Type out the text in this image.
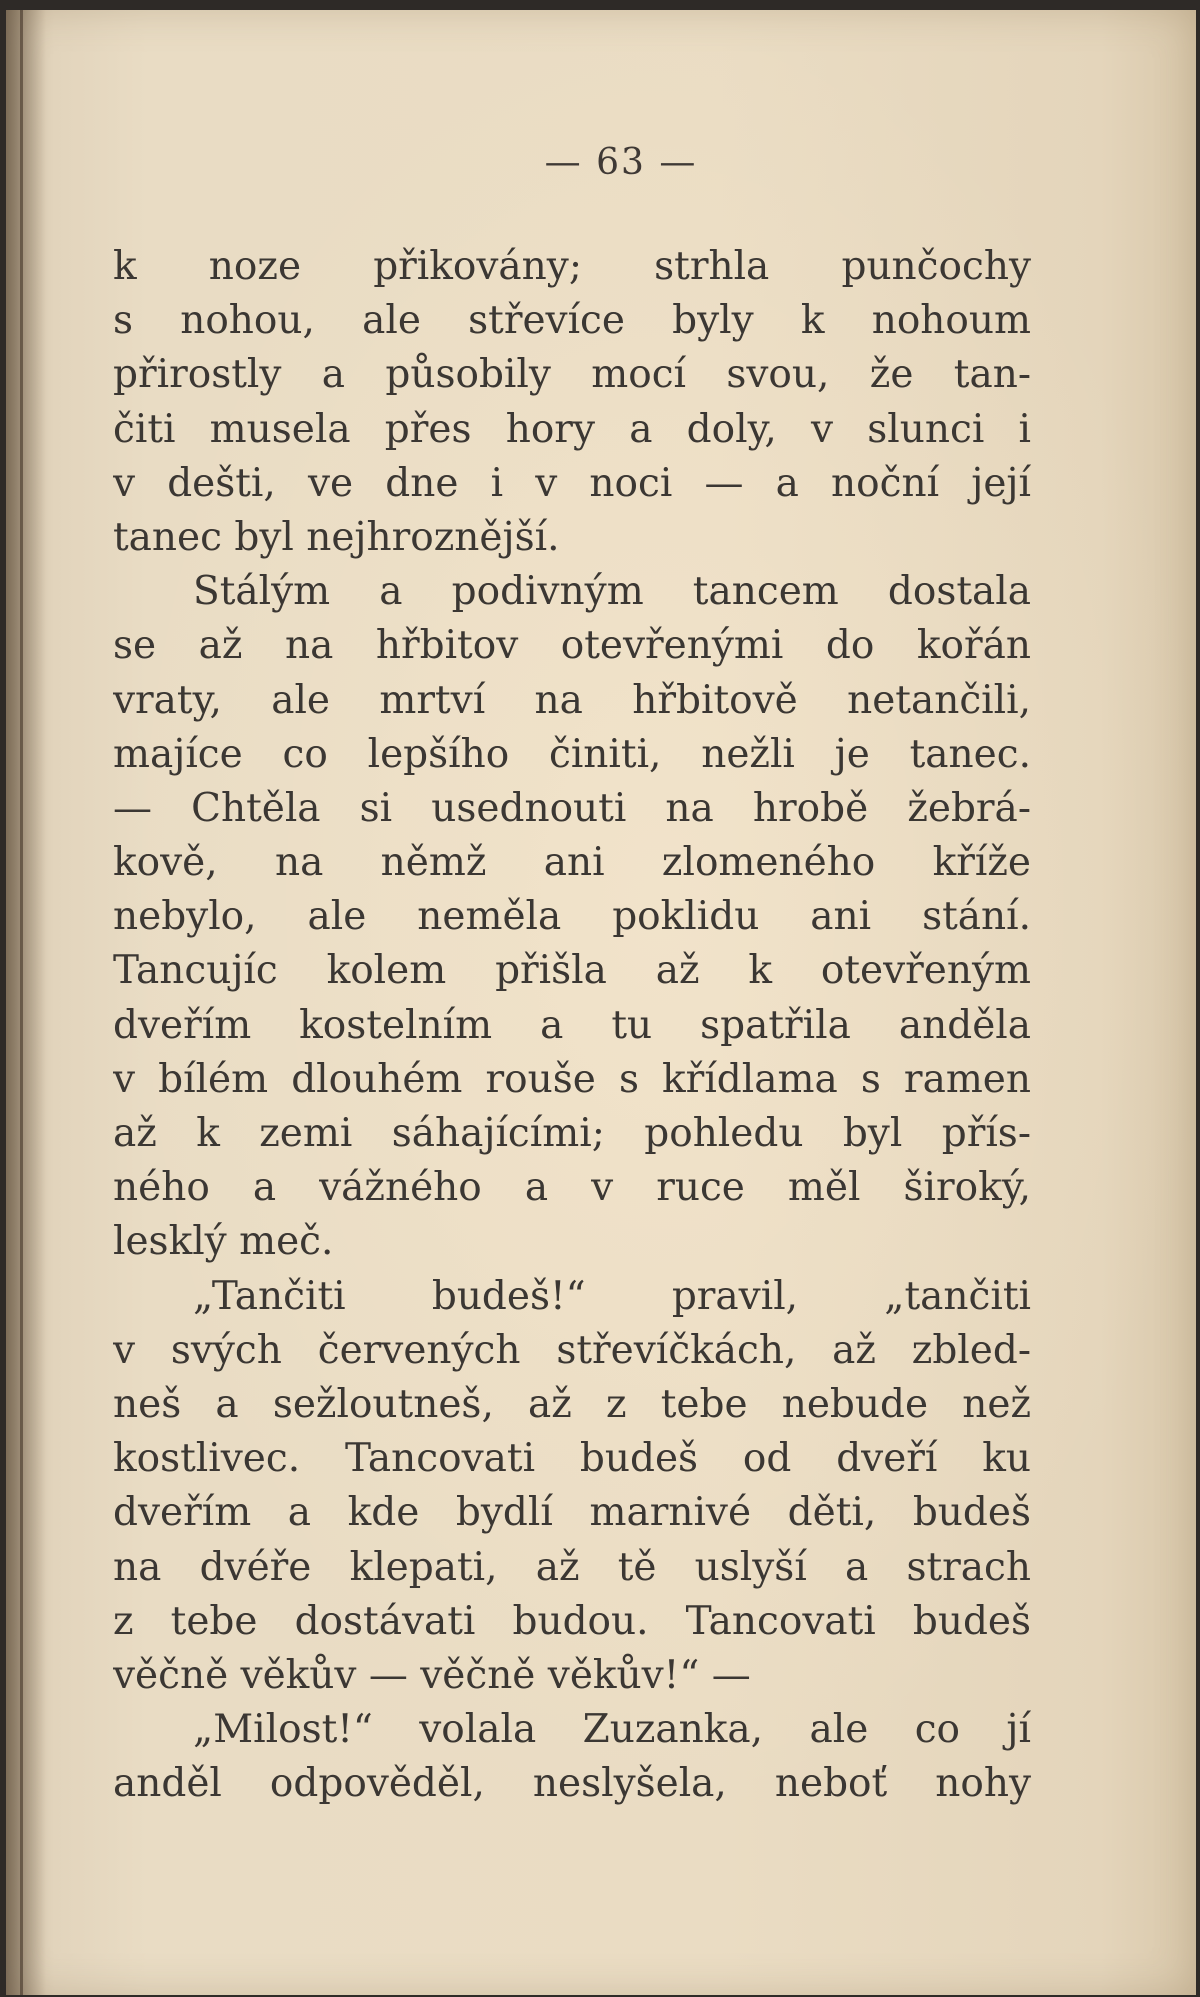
— 63 —
k noze přikovány; strhla punčochy
s nohou, ale střevíce byly k nohoum
přirostly a působily mocí svou, že tan-
čiti musela přes hory a doly, v slunci i
v dešti, ve dne i v noci — a noční její
tanec byl nejhroznější.
Stálým a podivným tancem dostala
se až na hřbitov otevřenými do kořán
vraty, ale mrtví na hřbitově netančili,
majíce co lepšího činiti, nežli je tanec.
— Chtěla si usednouti na hrobě žebrá-
kově, na němž ani zlomeného kříže
nebylo, ale neměla poklidu ani stání.
Tancujíc kolem přišla až k otevřeným
dveřím kostelním a tu spatřila anděla
v bílém dlouhém rouše s křídlama s ramen
až k zemi sáhajícími; pohledu byl přís-
ného a vážného a v ruce měl široký,
lesklý meč.
„Tančiti budeš!“ pravil, „tančiti
v svých červených střevíčkách, až zbled-
neš a sežloutneš, až z tebe nebude než
kostlivec. Tancovati budeš od dveří ku
dveřím a kde bydlí marnivé děti, budeš
na dvéře klepati, až tě uslyší a strach
z tebe dostávati budou. Tancovati budeš
věčně věkův — věčně věkův!“ —
„Milost!“ volala Zuzanka, ale co jí
anděl odpověděl, neslyšela, neboť nohy
